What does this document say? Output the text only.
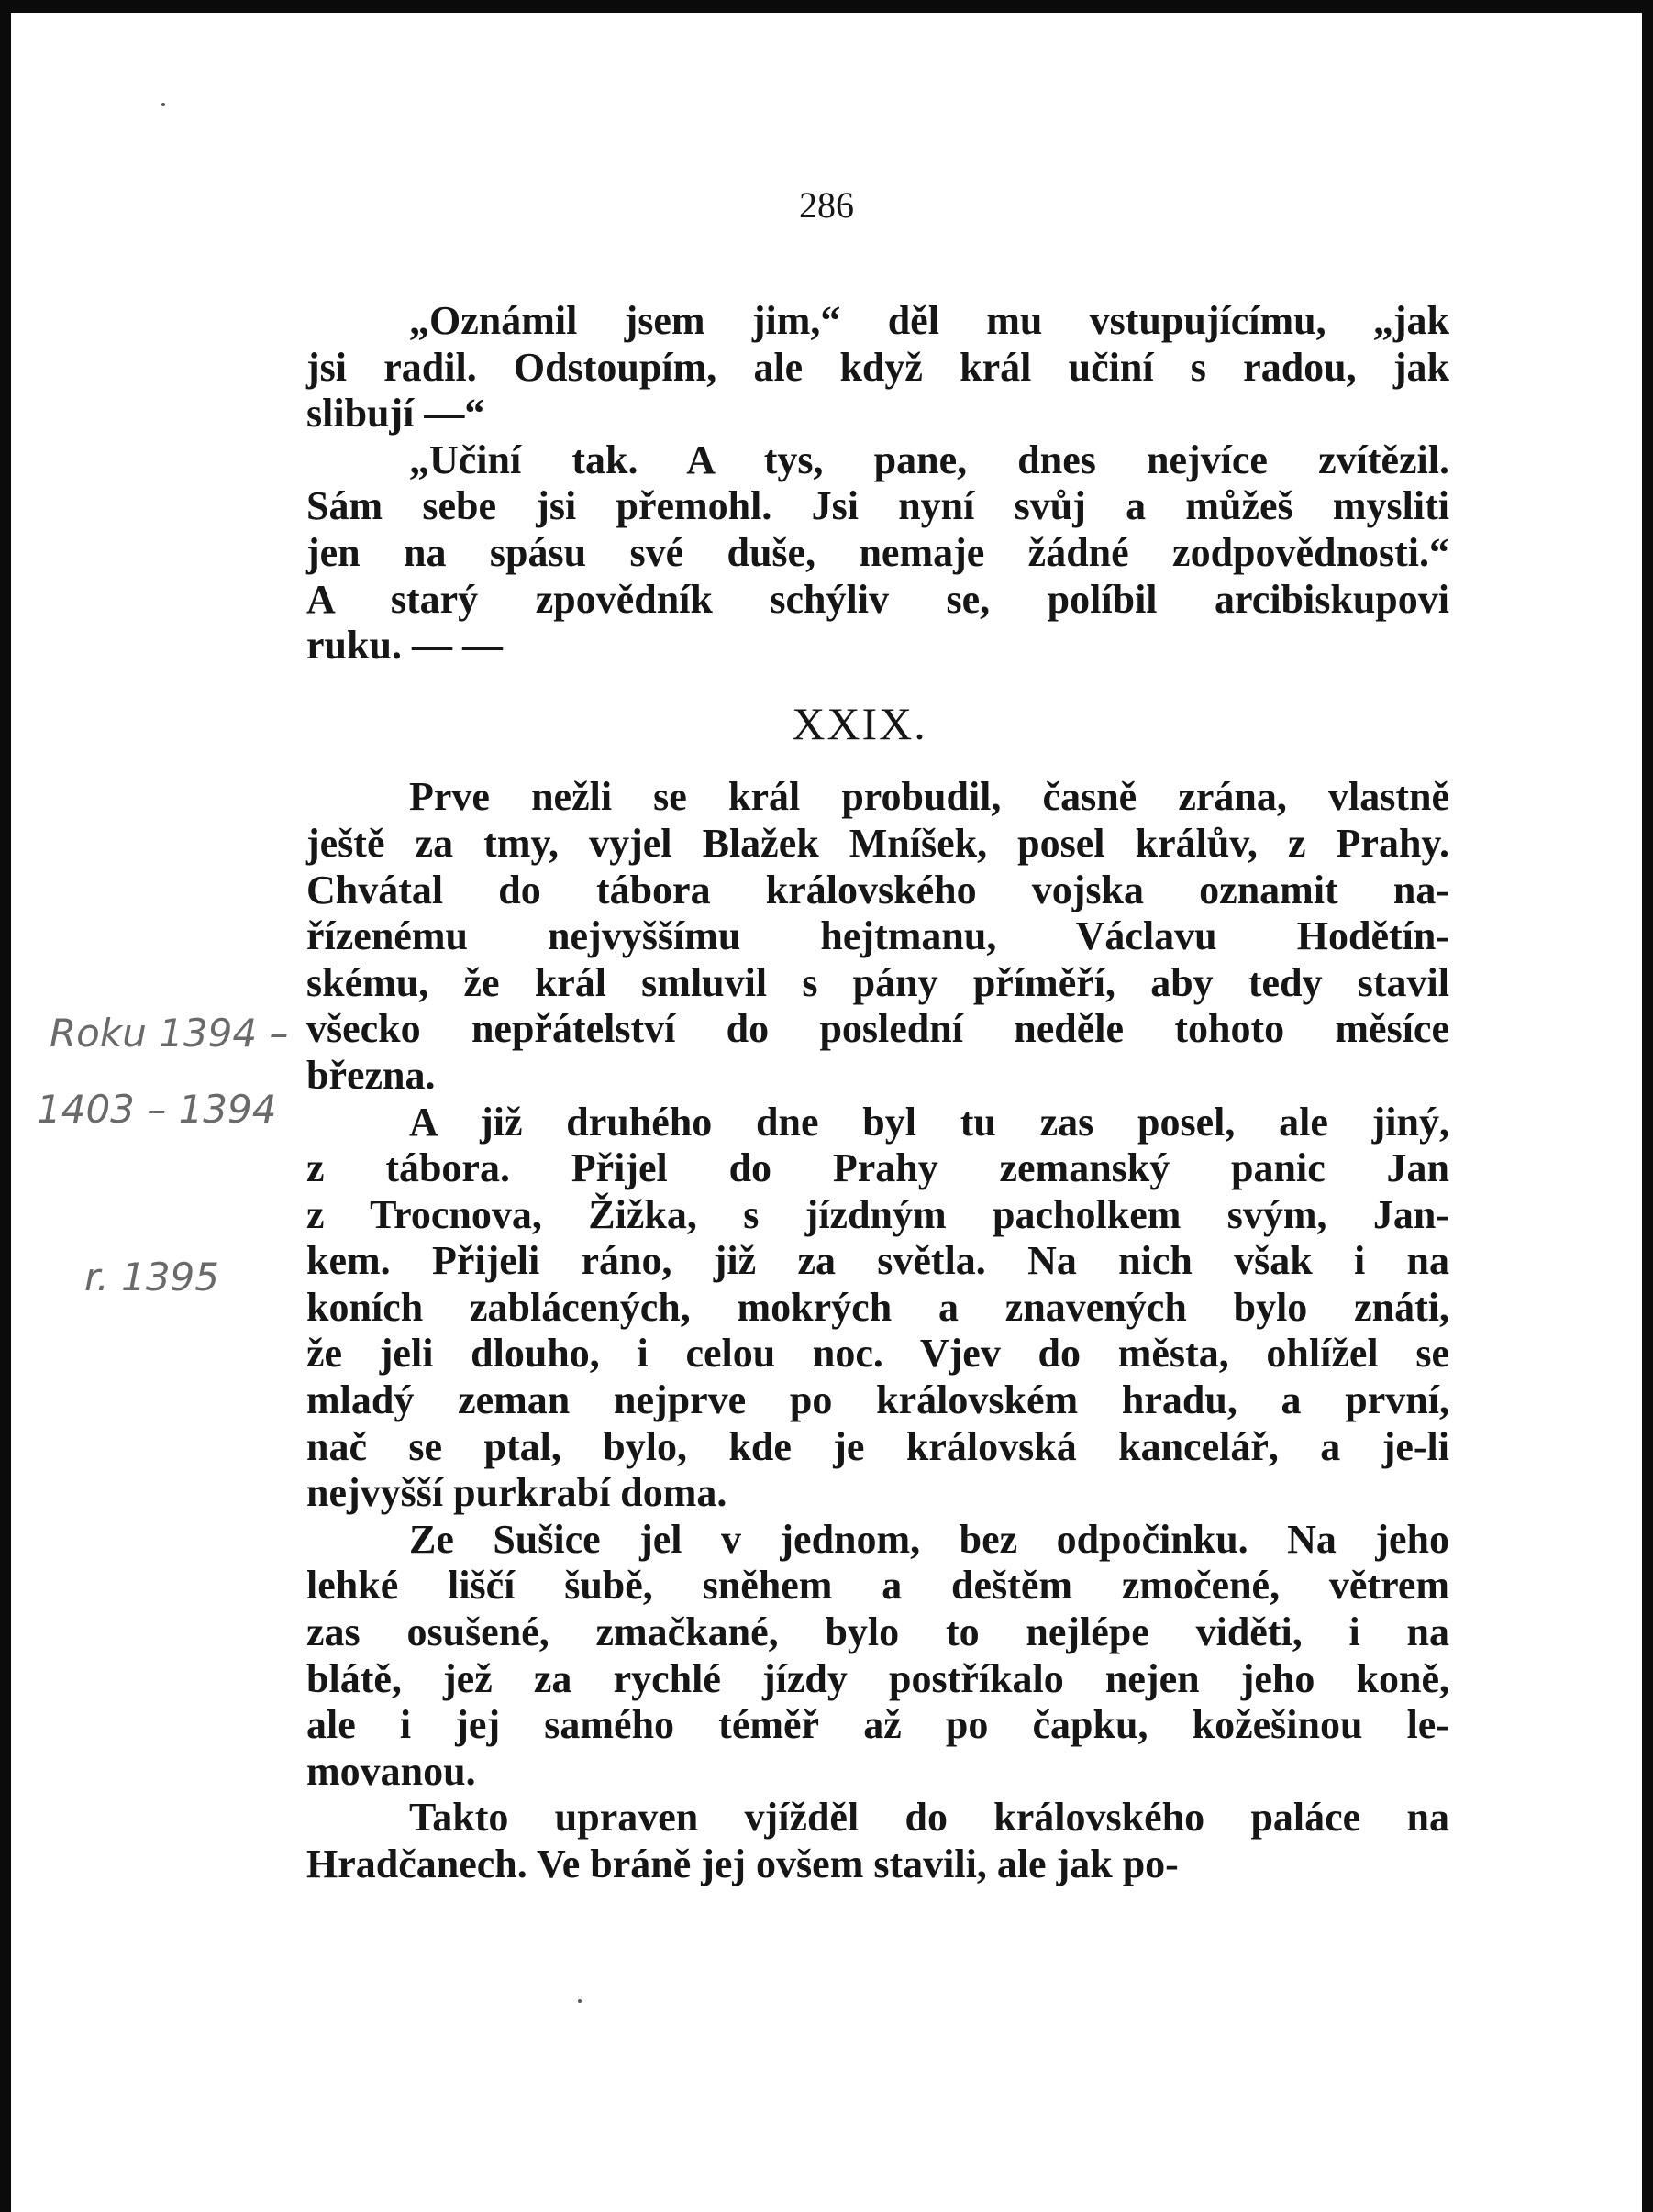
286
Roku 1394 –
1403 – 1394
r. 1395

„Oznámil jsem jim,“ děl mu vstupujícímu, „jak
jsi radil. Odstoupím, ale když král učiní s radou, jak
slibují —“

„Učiní tak. A tys, pane, dnes nejvíce zvítězil.
Sám sebe jsi přemohl. Jsi nyní svůj a můžeš mysliti
jen na spásu své duše, nemaje žádné zodpovědnosti.“
A starý zpovědník schýliv se, políbil arcibiskupovi
ruku. — —

XXIX.

Prve nežli se král probudil, časně zrána, vlastně
ještě za tmy, vyjel Blažek Mníšek, posel králův, z Prahy.
Chvátal do tábora královského vojska oznamit na-
řízenému nejvyššímu hejtmanu, Václavu Hodětín-
skému, že král smluvil s pány příměří, aby tedy stavil
všecko nepřátelství do poslední neděle tohoto měsíce
března.

A již druhého dne byl tu zas posel, ale jiný,
z tábora. Přijel do Prahy zemanský panic Jan
z Trocnova, Žižka, s jízdným pacholkem svým, Jan-
kem. Přijeli ráno, již za světla. Na nich však i na
koních zablácených, mokrých a znavených bylo znáti,
že jeli dlouho, i celou noc. Vjev do města, ohlížel se
mladý zeman nejprve po královském hradu, a první,
nač se ptal, bylo, kde je královská kancelář, a je-li
nejvyšší purkrabí doma.

Ze Sušice jel v jednom, bez odpočinku. Na jeho
lehké liščí šubě, sněhem a deštěm zmočené, větrem
zas osušené, zmačkané, bylo to nejlépe viděti, i na
blátě, jež za rychlé jízdy postříkalo nejen jeho koně,
ale i jej samého téměř až po čapku, kožešinou le-
movanou.

Takto upraven vjížděl do královského paláce na
Hradčanech. Ve bráně jej ovšem stavili, ale jak po-
